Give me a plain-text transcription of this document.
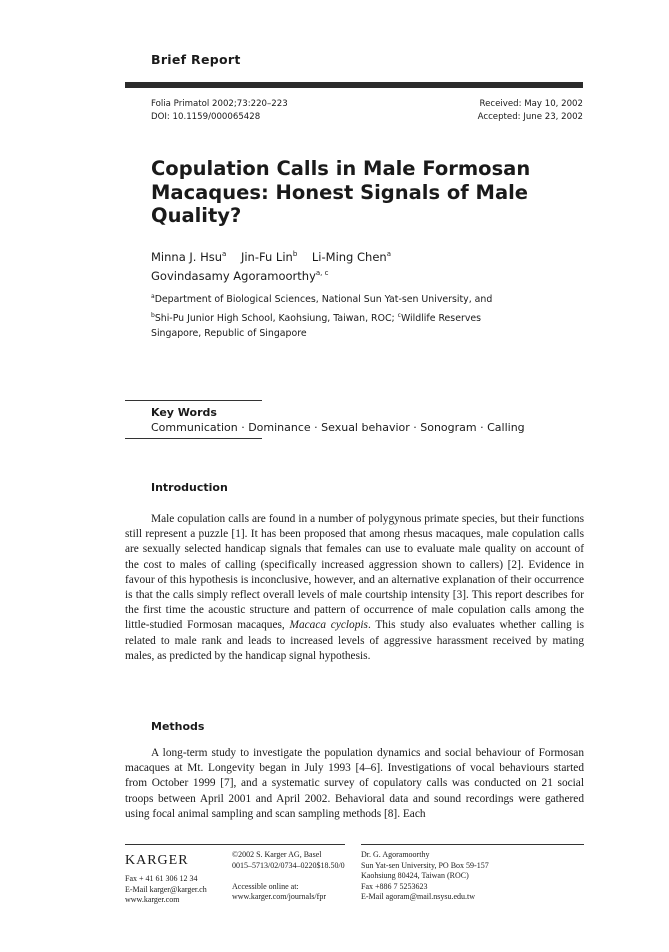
Brief Report
Folia Primatol 2002;73:220–223
DOI: 10.1159/000065428
Received: May 10, 2002
Accepted: June 23, 2002
Copulation Calls in Male Formosan
Macaques: Honest Signals of Male
Quality?
Minna J. Hsu$^a$ Jin-Fu Lin$^b$ Li-Ming Chen$^a$
Govindasamy Agoramoorthy$^{a, c}$
$^a$Department of Biological Sciences, National Sun Yat-sen University, and
$^b$Shi-Pu Junior High School, Kaohsiung, Taiwan, ROC; $^c$Wildlife Reserves
Singapore, Republic of Singapore
Key Words
Communication · Dominance · Sexual behavior · Sonogram · Calling
Introduction
Male copulation calls are found in a number of polygynous primate species, but their functions still represent a puzzle [1]. It has been proposed that among rhesus macaques, male copulation calls are sexually selected handicap signals that females can use to evaluate male quality on account of the cost to males of calling (specifically increased aggression shown to callers) [2]. Evidence in favour of this hypothesis is inconclusive, however, and an alternative explanation of their occurrence is that the calls simply reflect overall levels of male courtship intensity [3]. This report describes for the first time the acoustic structure and pattern of occurrence of male copulation calls among the little-studied Formosan macaques, Macaca cyclopis. This study also evaluates whether calling is related to male rank and leads to increased levels of aggressive harassment received by mating males, as predicted by the handicap signal hypothesis.
Methods
A long-term study to investigate the population dynamics and social behaviour of Formosan macaques at Mt. Longevity began in July 1993 [4–6]. Investigations of vocal behaviours started from October 1999 [7], and a systematic survey of copulatory calls was conducted on 21 social troops between April 2001 and April 2002. Behavioral data and sound recordings were gathered using focal animal sampling and scan sampling methods [8]. Each
KARGER
Fax + 41 61 306 12 34
E-Mail karger@karger.ch
www.karger.com
©2002 S. Karger AG, Basel
0015–5713/02/0734–0220$18.50/0
Accessible online at:
www.karger.com/journals/fpr
Dr. G. Agoramoorthy
Sun Yat-sen University, PO Box 59-157
Kaohsiung 80424, Taiwan (ROC)
Fax +886 7 5253623
E-Mail agoram@mail.nsysu.edu.tw
